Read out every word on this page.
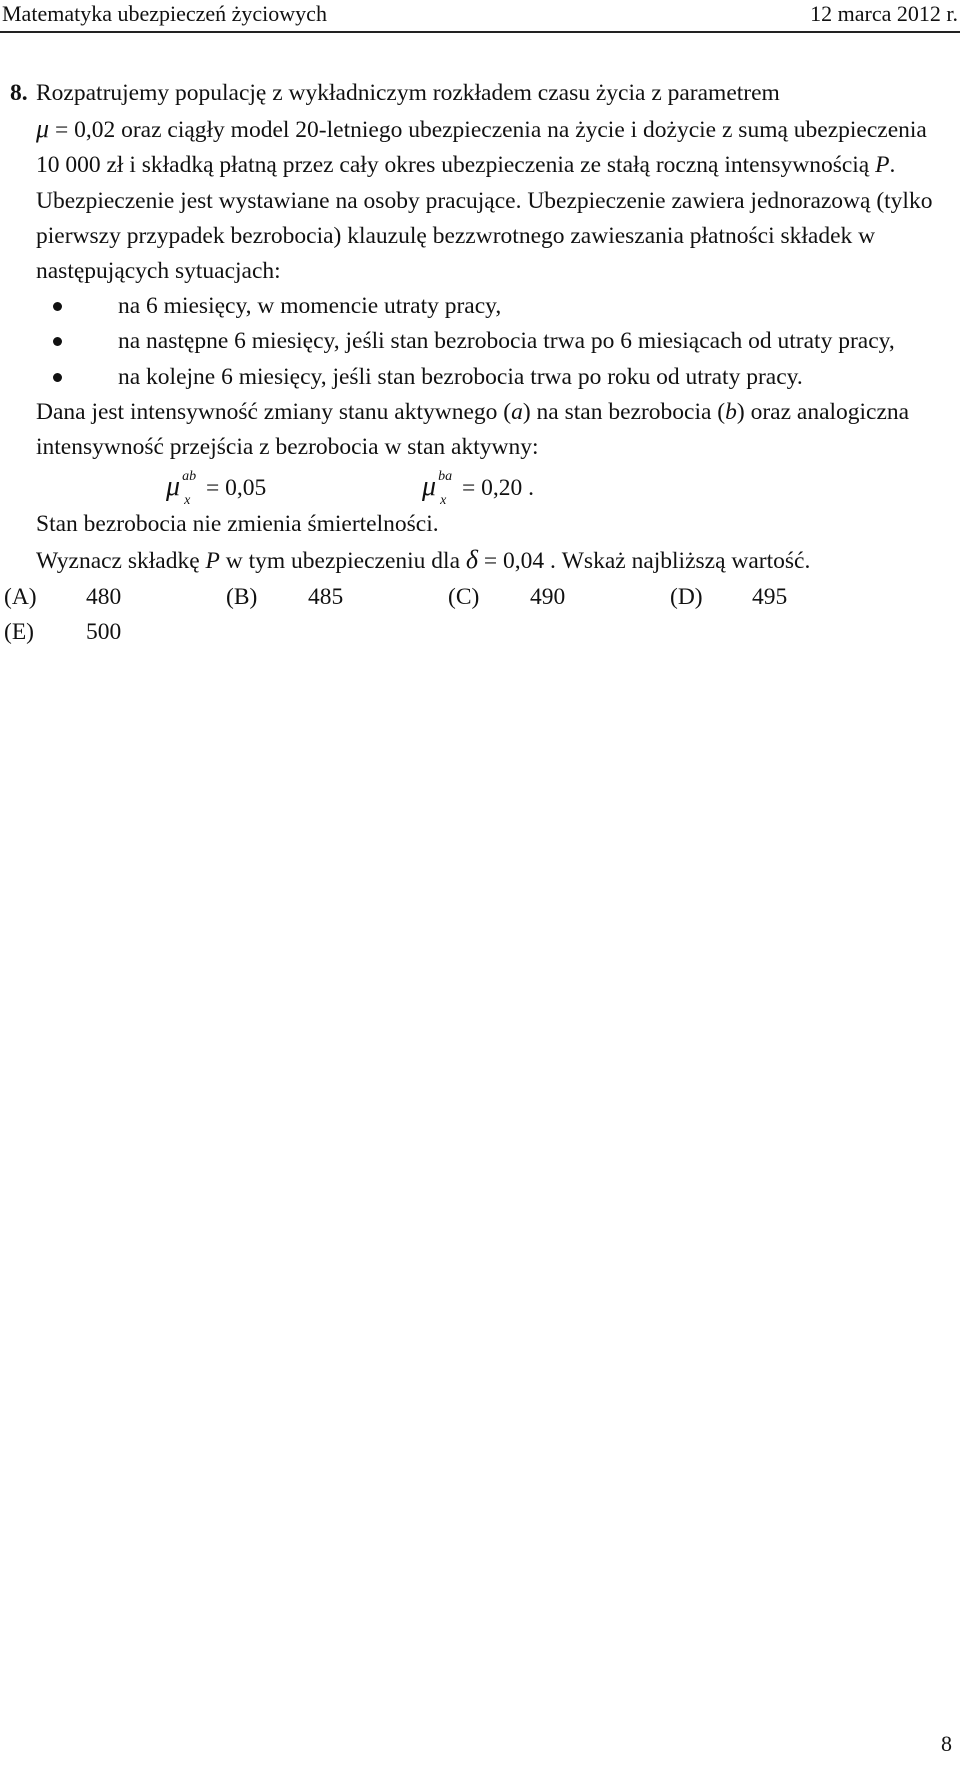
Matematyka ubezpieczeń życiowych	12 marca 2012 r.
8. Rozpatrujemy populację z wykładniczym rozkładem czasu życia z parametrem
μ = 0,02 oraz ciągły model 20-letniego ubezpieczenia na życie i dożycie z sumą ubezpieczenia 10 000 zł i składką płatną przez cały okres ubezpieczenia ze stałą roczną intensywnością P.

Ubezpieczenie jest wystawiane na osoby pracujące. Ubezpieczenie zawiera jednorazową (tylko pierwszy przypadek bezrobocia) klauzulę bezzwrotnego zawieszania płatności składek w następujących sytuacjach:

na 6 miesięcy, w momencie utraty pracy,
na następne 6 miesięcy, jeśli stan bezrobocia trwa po 6 miesiącach od utraty pracy,
na kolejne 6 miesięcy, jeśli stan bezrobocia trwa po roku od utraty pracy.

Dana jest intensywność zmiany stanu aktywnego (a) na stan bezrobocia (b) oraz analogiczna intensywność przejścia z bezrobocia w stan aktywny:

μ ab
x = 0,05	μ ba
x = 0,20 .

Stan bezrobocia nie zmienia śmiertelności.

Wyznacz składkę P w tym ubezpieczeniu dla δ = 0,04 . Wskaż najbliższą wartość.

(A) 480	(B) 485	(C) 490	(D) 495
(E) 500
8
